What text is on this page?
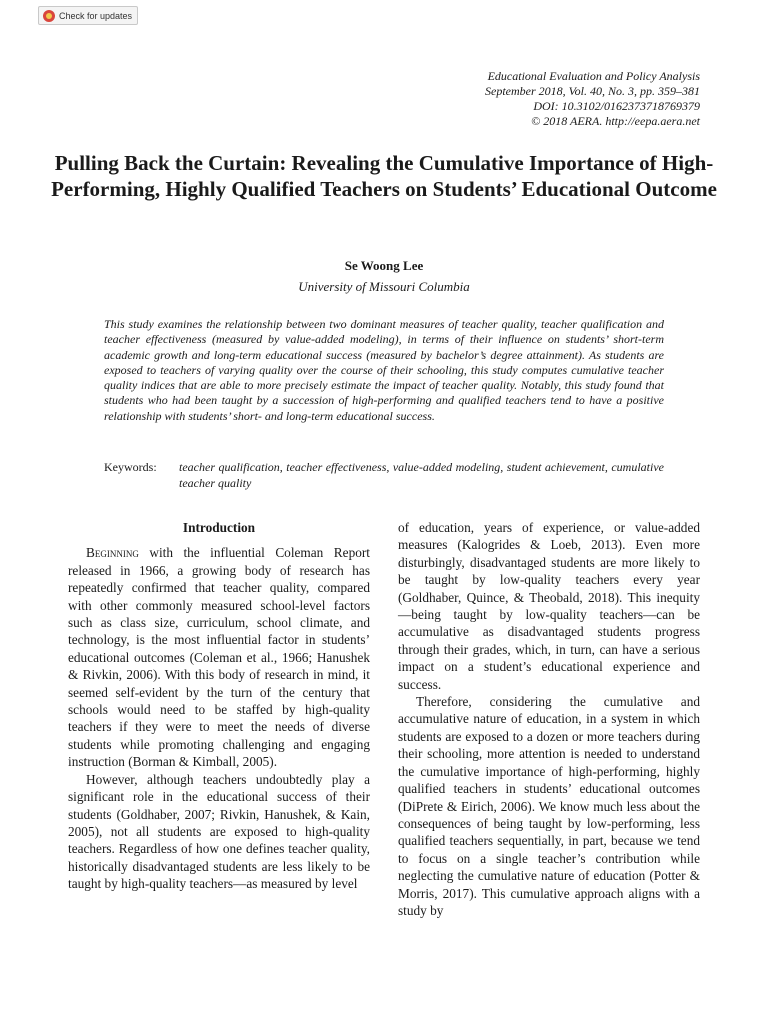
Check for updates
Educational Evaluation and Policy Analysis
September 2018, Vol. 40, No. 3, pp. 359–381
DOI: 10.3102/0162373718769379
© 2018 AERA. http://eepa.aera.net
Pulling Back the Curtain: Revealing the Cumulative Importance of High-Performing, Highly Qualified Teachers on Students’ Educational Outcome
Se Woong Lee
University of Missouri Columbia

This study examines the relationship between two dominant measures of teacher quality, teacher qualification and teacher effectiveness (measured by value-added modeling), in terms of their influence on students’ short-term academic growth and long-term educational success (measured by bachelor’s degree attainment). As students are exposed to teachers of varying quality over the course of their schooling, this study computes cumulative teacher quality indices that are able to more precisely estimate the impact of teacher quality. Notably, this study found that students who had been taught by a succession of high-performing and qualified teachers tend to have a positive relationship with students’ short- and long-term educational success.

Keywords:	teacher qualification, teacher effectiveness, value-added modeling, student achievement, cumulative teacher quality
Introduction

Beginning with the influential Coleman Report released in 1966, a growing body of research has repeatedly confirmed that teacher quality, compared with other commonly measured school-level factors such as class size, curriculum, school climate, and technology, is the most influential factor in students’ educational outcomes (Coleman et al., 1966; Hanushek & Rivkin, 2006). With this body of research in mind, it seemed self-evident by the turn of the century that schools would need to be staffed by high-quality teachers if they were to meet the needs of diverse students while promoting challenging and engaging instruction (Borman & Kimball, 2005).

However, although teachers undoubtedly play a significant role in the educational success of their students (Goldhaber, 2007; Rivkin, Hanushek, & Kain, 2005), not all students are exposed to high-quality teachers. Regardless of how one defines teacher quality, historically disadvantaged students are less likely to be taught by high-quality teachers—as measured by level

of education, years of experience, or value-added measures (Kalogrides & Loeb, 2013). Even more disturbingly, disadvantaged students are more likely to be taught by low-quality teachers every year (Goldhaber, Quince, & Theobald, 2018). This inequity—being taught by low-quality teachers—can be accumulative as disadvantaged students progress through their grades, which, in turn, can have a serious impact on a student’s educational experience and success.

Therefore, considering the cumulative and accumulative nature of education, in a system in which students are exposed to a dozen or more teachers during their schooling, more attention is needed to understand the cumulative importance of high-performing, highly qualified teachers in students’ educational outcomes (DiPrete & Eirich, 2006). We know much less about the consequences of being taught by low-performing, less qualified teachers sequentially, in part, because we tend to focus on a single teacher’s contribution while neglecting the cumulative nature of education (Potter & Morris, 2017). This cumulative approach aligns with a study by
